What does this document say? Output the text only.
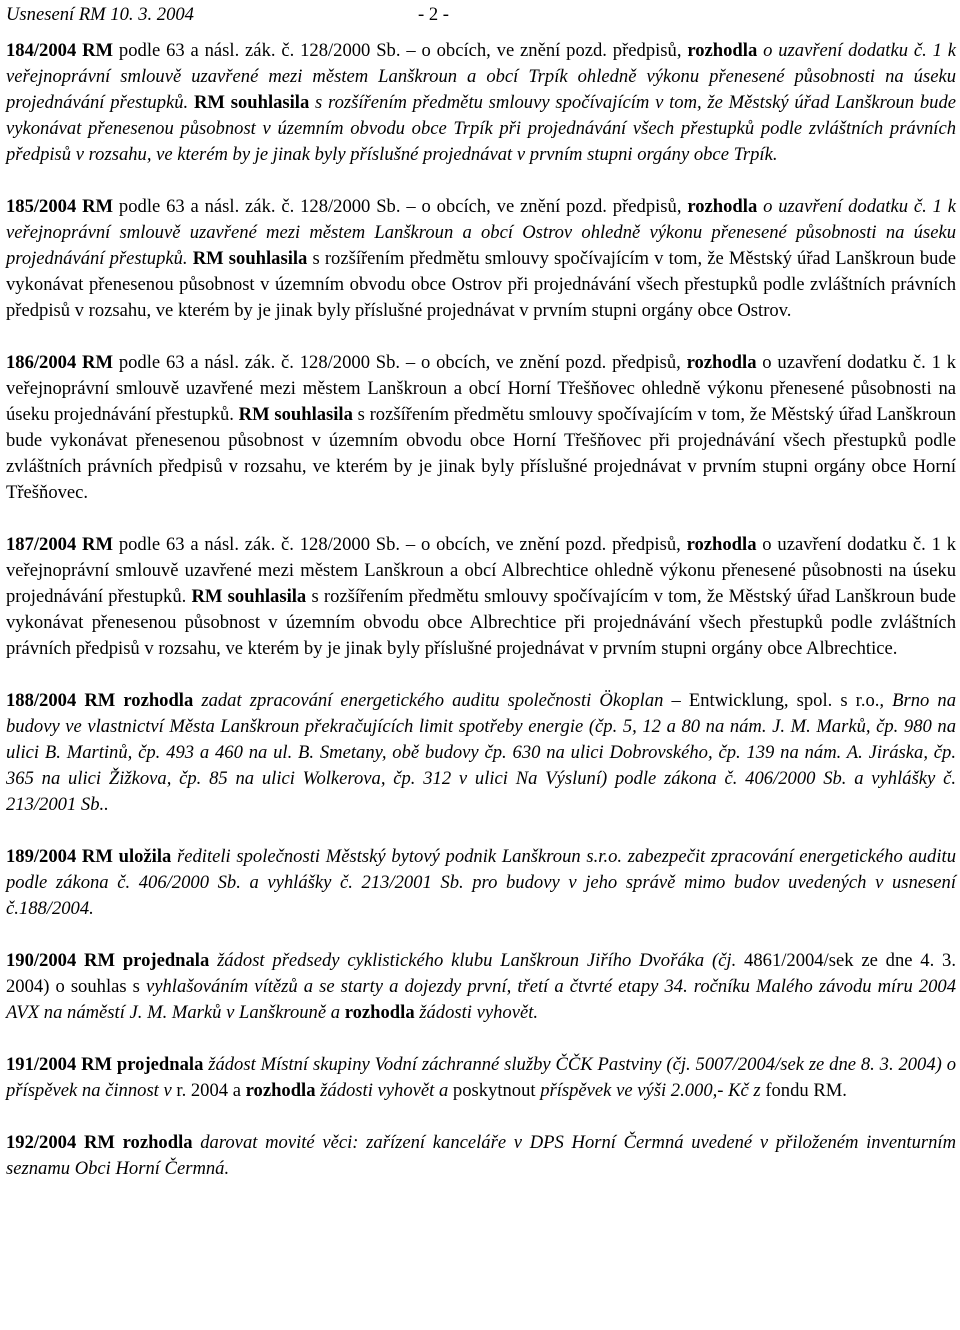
Usnesení RM 10. 3. 2004	- 2 -

184/2004 RM podle 63 a násl. zák. č. 128/2000 Sb. – o obcích, ve znění pozd. předpisů, rozhodla o uzavření dodatku č. 1 k veřejnoprávní smlouvě uzavřené mezi městem Lanškroun a obcí Trpík ohledně výkonu přenesené působnosti na úseku projednávání přestupků. RM souhlasila s rozšířením předmětu smlouvy spočívajícím v tom, že Městský úřad Lanškroun bude vykonávat přenesenou působnost v územním obvodu obce Trpík při projednávání všech přestupků podle zvláštních právních předpisů v rozsahu, ve kterém by je jinak byly příslušné projednávat v prvním stupni orgány obce Trpík.

185/2004 RM podle 63 a násl. zák. č. 128/2000 Sb. – o obcích, ve znění pozd. předpisů, rozhodla o uzavření dodatku č. 1 k veřejnoprávní smlouvě uzavřené mezi městem Lanškroun a obcí Ostrov ohledně výkonu přenesené působnosti na úseku projednávání přestupků. RM souhlasila s rozšířením předmětu smlouvy spočívajícím v tom, že Městský úřad Lanškroun bude vykonávat přenesenou působnost v územním obvodu obce Ostrov při projednávání všech přestupků podle zvláštních právních předpisů v rozsahu, ve kterém by je jinak byly příslušné projednávat v prvním stupni orgány obce Ostrov.

186/2004 RM podle 63 a násl. zák. č. 128/2000 Sb. – o obcích, ve znění pozd. předpisů, rozhodla o uzavření dodatku č. 1 k veřejnoprávní smlouvě uzavřené mezi městem Lanškroun a obcí Horní Třešňovec ohledně výkonu přenesené působnosti na úseku projednávání přestupků. RM souhlasila s rozšířením předmětu smlouvy spočívajícím v tom, že Městský úřad Lanškroun bude vykonávat přenesenou působnost v územním obvodu obce Horní Třešňovec při projednávání všech přestupků podle zvláštních právních předpisů v rozsahu, ve kterém by je jinak byly příslušné projednávat v prvním stupni orgány obce Horní Třešňovec.

187/2004 RM podle 63 a násl. zák. č. 128/2000 Sb. – o obcích, ve znění pozd. předpisů, rozhodla o uzavření dodatku č. 1 k veřejnoprávní smlouvě uzavřené mezi městem Lanškroun a obcí Albrechtice ohledně výkonu přenesené působnosti na úseku projednávání přestupků. RM souhlasila s rozšířením předmětu smlouvy spočívajícím v tom, že Městský úřad Lanškroun bude vykonávat přenesenou působnost v územním obvodu obce Albrechtice při projednávání všech přestupků podle zvláštních právních předpisů v rozsahu, ve kterém by je jinak byly příslušné projednávat v prvním stupni orgány obce Albrechtice.

188/2004 RM rozhodla zadat zpracování energetického auditu společnosti Ökoplan – Entwicklung, spol. s r.o., Brno na budovy ve vlastnictví Města Lanškroun překračujících limit spotřeby energie (čp. 5, 12 a 80 na nám. J. M. Marků, čp. 980 na ulici B. Martinů, čp. 493 a 460 na ul. B. Smetany, obě budovy čp. 630 na ulici Dobrovského, čp. 139 na nám. A. Jiráska, čp. 365 na ulici Žižkova, čp. 85 na ulici Wolkerova, čp. 312 v ulici Na Výsluní) podle zákona č. 406/2000 Sb. a vyhlášky č. 213/2001 Sb..

189/2004 RM uložila řediteli společnosti Městský bytový podnik Lanškroun s.r.o. zabezpečit zpracování energetického auditu podle zákona č. 406/2000 Sb. a vyhlášky č. 213/2001 Sb. pro budovy v jeho správě mimo budov uvedených v usnesení č.188/2004.

190/2004 RM projednala žádost předsedy cyklistického klubu Lanškroun Jiřího Dvořáka (čj. 4861/2004/sek ze dne 4. 3. 2004) o souhlas s vyhlašováním vítězů a se starty a dojezdy první, třetí a čtvrté etapy 34. ročníku Malého závodu míru 2004 AVX na náměstí J. M. Marků v Lanškrouně a rozhodla žádosti vyhovět.

191/2004 RM projednala žádost Místní skupiny Vodní záchranné služby ČČK Pastviny (čj. 5007/2004/sek ze dne 8. 3. 2004) o příspěvek na činnost v r. 2004 a rozhodla žádosti vyhovět a poskytnout příspěvek ve výši 2.000,- Kč z fondu RM.

192/2004 RM rozhodla darovat movité věci: zařízení kanceláře v DPS Horní Čermná uvedené v přiloženém inventurním seznamu Obci Horní Čermná.
